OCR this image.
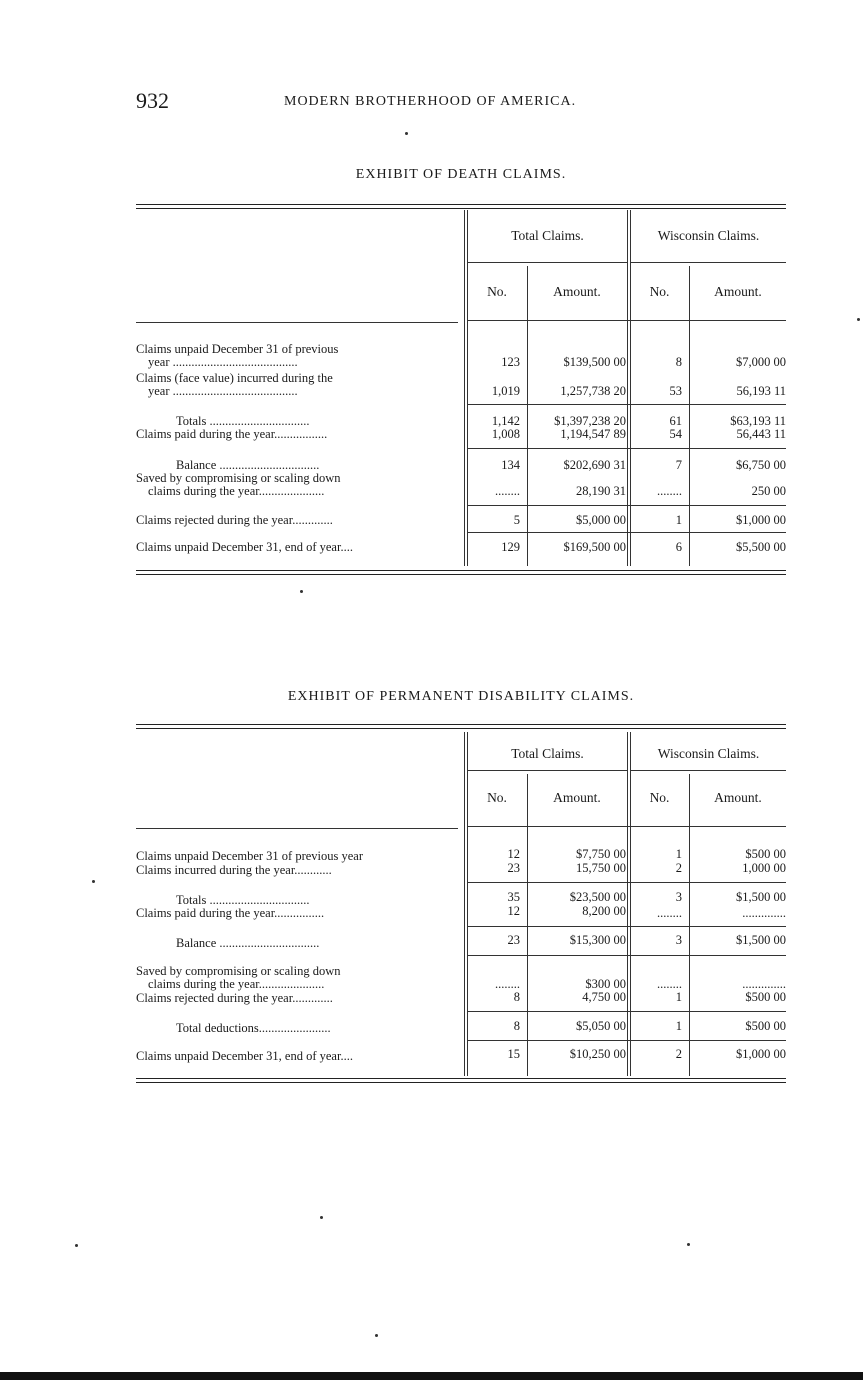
932	MODERN BROTHERHOOD OF AMERICA.
EXHIBIT OF DEATH CLAIMS.
Total Claims.	Wisconsin Claims.
No.	Amount.	No.	Amount.
Claims unpaid December 31 of previous
year ........................................	123	$139,500 00	8	$7,000 00
Claims (face value) incurred during the
year ........................................	1,019	1,257,738 20	53	56,193 11
Totals ................................	1,142	$1,397,238 20	61	$63,193 11
Claims paid during the year.................	1,008	1,194,547 89	54	56,443 11
Balance ................................	134	$202,690 31	7	$6,750 00
Saved by compromising or scaling down
claims during the year.....................	........	28,190 31	........	250 00
Claims rejected during the year.............	5	$5,000 00	1	$1,000 00
Claims unpaid December 31, end of year....	129	$169,500 00	6	$5,500 00
EXHIBIT OF PERMANENT DISABILITY CLAIMS.
Total Claims.	Wisconsin Claims.
No.	Amount.	No.	Amount.
Claims unpaid December 31 of previous year	12	$7,750 00	1	$500 00
Claims incurred during the year............	23	15,750 00	2	1,000 00
Totals ................................	35	$23,500 00	3	$1,500 00
Claims paid during the year................	12	8,200 00	........	..............
Balance ................................	23	$15,300 00	3	$1,500 00
Saved by compromising or scaling down
claims during the year.....................	........	$300 00	........	..............
Claims rejected during the year.............	8	4,750 00	1	$500 00
Total deductions.......................	8	$5,050 00	1	$500 00
Claims unpaid December 31, end of year....	15	$10,250 00	2	$1,000 00
